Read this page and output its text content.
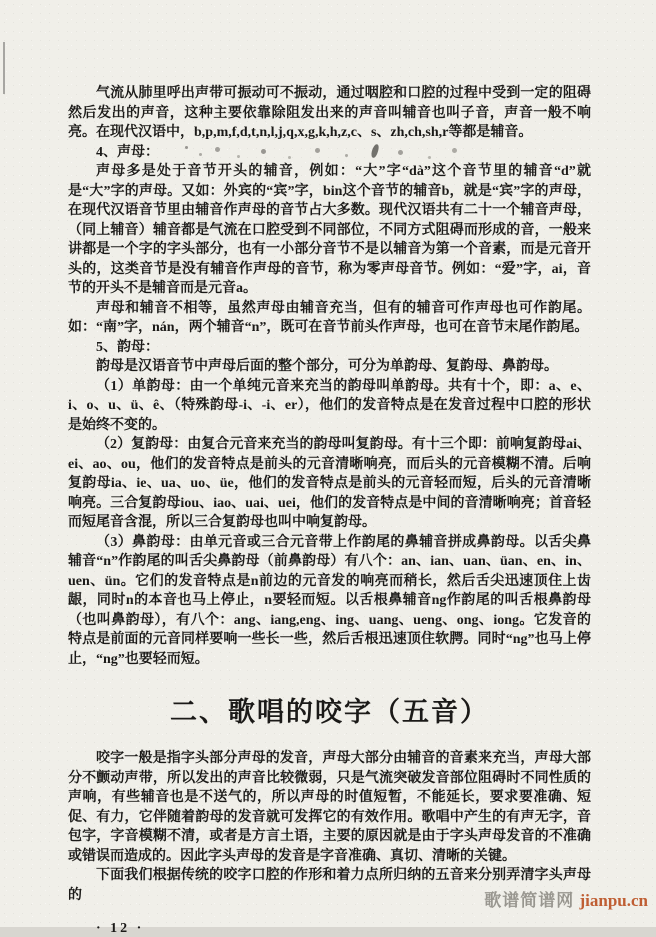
气流从肺里呼出声带可振动可不振动，通过咽腔和口腔的过程中受到一定的阻碍然后发出的声音，这种主要依靠除阻发出来的声音叫辅音也叫子音，声音一般不响亮。在现代汉语中，b,p,m,f,d,t,n,l,j,q,x,g,k,h,z,c、s、zh,ch,sh,r等都是辅音。

4、声母：

声母多是处于音节开头的辅音，例如：“大”字“dà”这个音节里的辅音“d”就是“大”字的声母。又如：外宾的“宾”字，bin这个音节的辅音b，就是“宾”字的声母，在现代汉语音节里由辅音作声母的音节占大多数。现代汉语共有二十一个辅音声母，（同上辅音）辅音都是气流在口腔受到不同部位，不同方式阻碍而形成的音，一般来讲都是一个字的字头部分，也有一小部分音节不是以辅音为第一个音素，而是元音开头的，这类音节是没有辅音作声母的音节，称为零声母音节。例如：“爱”字，ai，音节的开头不是辅音而是元音a。

声母和辅音不相等，虽然声母由辅音充当，但有的辅音可作声母也可作韵尾。如：“南”字，nán，两个辅音“n”，既可在音节前头作声母，也可在音节末尾作韵尾。

5、韵母：

韵母是汉语音节中声母后面的整个部分，可分为单韵母、复韵母、鼻韵母。

（1）单韵母：由一个单纯元音来充当的韵母叫单韵母。共有十个，即：a、e、i、o、u、ü、ê、（特殊韵母-i、-i、er），他们的发音特点是在发音过程中口腔的形状是始终不变的。

（2）复韵母：由复合元音来充当的韵母叫复韵母。有十三个即：前响复韵母ai、ei、ao、ou，他们的发音特点是前头的元音清晰响亮，而后头的元音模糊不清。后响复韵母ia、ie、ua、uo、üe，他们的发音特点是前头的元音轻而短，后头的元音清晰响亮。三合复韵母iou、iao、uai、uei，他们的发音特点是中间的音清晰响亮；首音轻而短尾音含混，所以三合复韵母也叫中响复韵母。

（3）鼻韵母：由单元音或三合元音带上作韵尾的鼻辅音拼成鼻韵母。以舌尖鼻辅音“n”作韵尾的叫舌尖鼻韵母（前鼻韵母）有八个：an、ian、uan、üan、en、in、uen、ün。它们的发音特点是n前边的元音发的响亮而稍长，然后舌尖迅速顶住上齿龈，同时n的本音也马上停止，n要轻而短。以舌根鼻辅音ng作韵尾的叫舌根鼻韵母（也叫鼻韵母），有八个：ang、iang,eng、ing、uang、ueng、ong、iong。它发音的特点是前面的元音同样要响一些长一些，然后舌根迅速顶住软腭。同时“ng”也马上停止，“ng”也要轻而短。

二、歌唱的咬字（五音）

咬字一般是指字头部分声母的发音，声母大部分由辅音的音素来充当，声母大部分不颤动声带，所以发出的声音比较微弱，只是气流突破发音部位阻碍时不同性质的声响，有些辅音也是不送气的，所以声母的时值短暂，不能延长，要求要准确、短促、有力，它伴随着韵母的发音就可发挥它的有效作用。歌唱中产生的有声无字，音包字，字音模糊不清，或者是方言土语，主要的原因就是由于字头声母发音的不准确或错误而造成的。因此字头声母的发音是字音准确、真切、清晰的关键。

下面我们根据传统的咬字口腔的作形和着力点所归纳的五音来分别弄清字头声母的

· 12 ·
歌谱简谱网 jianpu.cn
